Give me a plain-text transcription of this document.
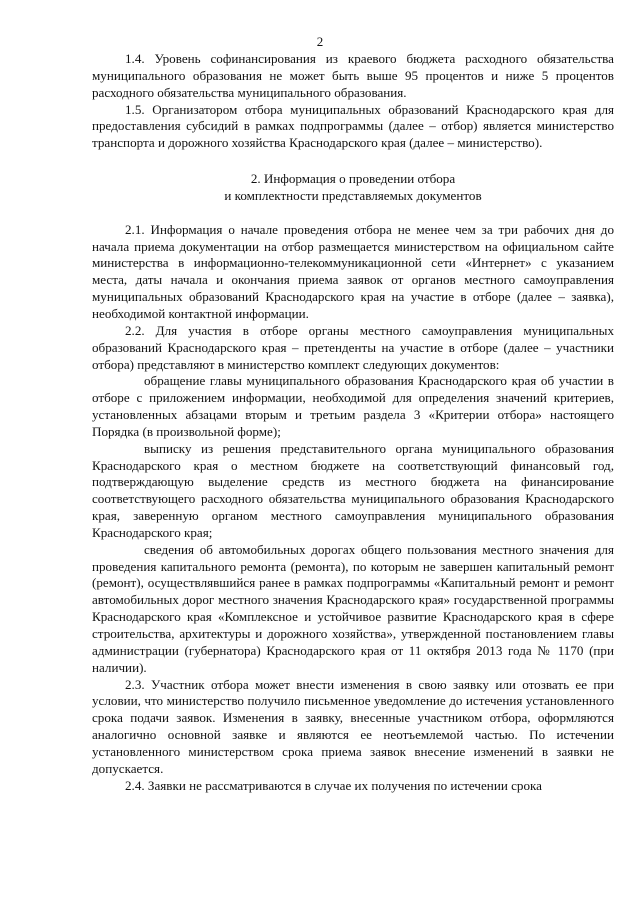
2

1.4. Уровень софинансирования из краевого бюджета расходного обязательства муниципального образования не может быть выше 95 процентов и ниже 5 процентов расходного обязательства муниципального образования.

1.5. Организатором отбора муниципальных образований Краснодарского края для предоставления субсидий в рамках подпрограммы (далее – отбор) является министерство транспорта и дорожного хозяйства Краснодарского края (далее – министерство).

2. Информация о проведении отбора

и комплектности представляемых документов

2.1. Информация о начале проведения отбора не менее чем за три рабочих дня до начала приема документации на отбор размещается министерством на официальном сайте министерства в информационно-телекоммуникационной сети «Интернет» с указанием места, даты начала и окончания приема заявок от органов местного самоуправления муниципальных образований Краснодарского края на участие в отборе (далее – заявка), необходимой контактной информации.

2.2. Для участия в отборе органы местного самоуправления муниципальных образований Краснодарского края – претенденты на участие в отборе (далее – участники отбора) представляют в министерство комплект следующих документов:

обращение главы муниципального образования Краснодарского края об участии в отборе с приложением информации, необходимой для определения значений критериев, установленных абзацами вторым и третьим раздела 3 «Критерии отбора» настоящего Порядка (в произвольной форме);

выписку из решения представительного органа муниципального образования Краснодарского края о местном бюджете на соответствующий финансовый год, подтверждающую выделение средств из местного бюджета на финансирование соответствующего расходного обязательства муниципального образования Краснодарского края, заверенную органом местного самоуправления муниципального образования Краснодарского края;

сведения об автомобильных дорогах общего пользования местного значения для проведения капитального ремонта (ремонта), по которым не завершен капитальный ремонт (ремонт), осуществлявшийся ранее в рамках подпрограммы «Капитальный ремонт и ремонт автомобильных дорог местного значения Краснодарского края» государственной программы Краснодарского края «Комплексное и устойчивое развитие Краснодарского края в сфере строительства, архитектуры и дорожного хозяйства», утвержденной постановлением главы администрации (губернатора) Краснодарского края от 11 октября 2013 года № 1170 (при наличии).

2.3. Участник отбора может внести изменения в свою заявку или отозвать ее при условии, что министерство получило письменное уведомление до истечения установленного срока подачи заявок. Изменения в заявку, внесенные участником отбора, оформляются аналогично основной заявке и являются ее неотъемлемой частью. По истечении установленного министерством срока приема заявок внесение изменений в заявки не допускается.

2.4. Заявки не рассматриваются в случае их получения по истечении срока
